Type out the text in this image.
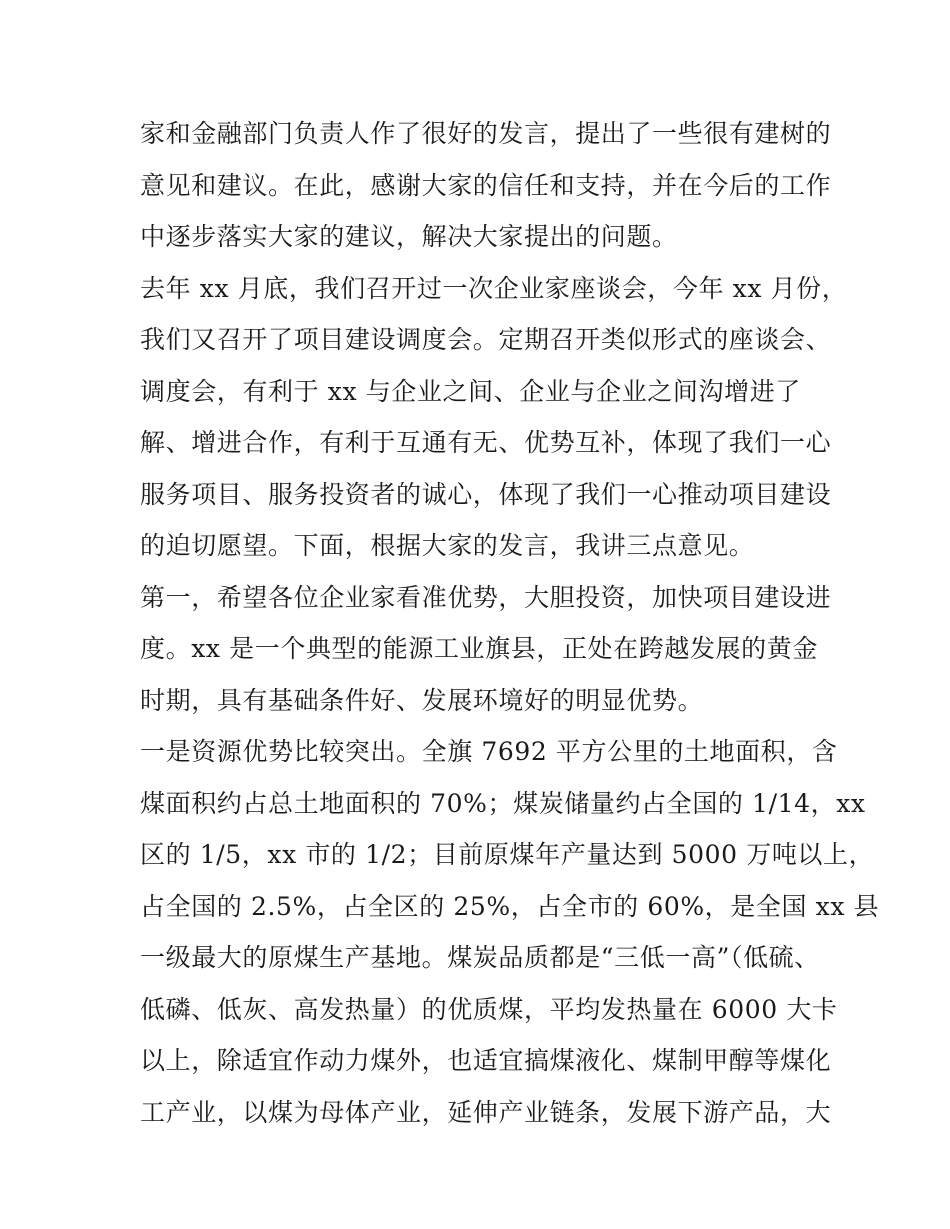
家和金融部门负责人作了很好的发言，提出了一些很有建树的
意见和建议。在此，感谢大家的信任和支持，并在今后的工作
中逐步落实大家的建议，解决大家提出的问题。
去年 xx 月底，我们召开过一次企业家座谈会，今年 xx 月份，
我们又召开了项目建设调度会。定期召开类似形式的座谈会、
调度会，有利于 xx 与企业之间、企业与企业之间沟增进了
解、增进合作，有利于互通有无、优势互补，体现了我们一心
服务项目、服务投资者的诚心，体现了我们一心推动项目建设
的迫切愿望。下面，根据大家的发言，我讲三点意见。
第一，希望各位企业家看准优势，大胆投资，加快项目建设进
度。xx 是一个典型的能源工业旗县，正处在跨越发展的黄金
时期，具有基础条件好、发展环境好的明显优势。
一是资源优势比较突出。全旗 7692 平方公里的土地面积，含
煤面积约占总土地面积的 70%；煤炭储量约占全国的 1/14，xx
区的 1/5，xx 市的 1/2；目前原煤年产量达到 5000 万吨以上，
占全国的 2.5%，占全区的 25%，占全市的 60%，是全国 xx 县
一级最大的原煤生产基地。煤炭品质都是“三低一高”（低硫、
低磷、低灰、高发热量）的优质煤，平均发热量在 6000 大卡
以上，除适宜作动力煤外，也适宜搞煤液化、煤制甲醇等煤化
工产业，以煤为母体产业，延伸产业链条，发展下游产品，大
